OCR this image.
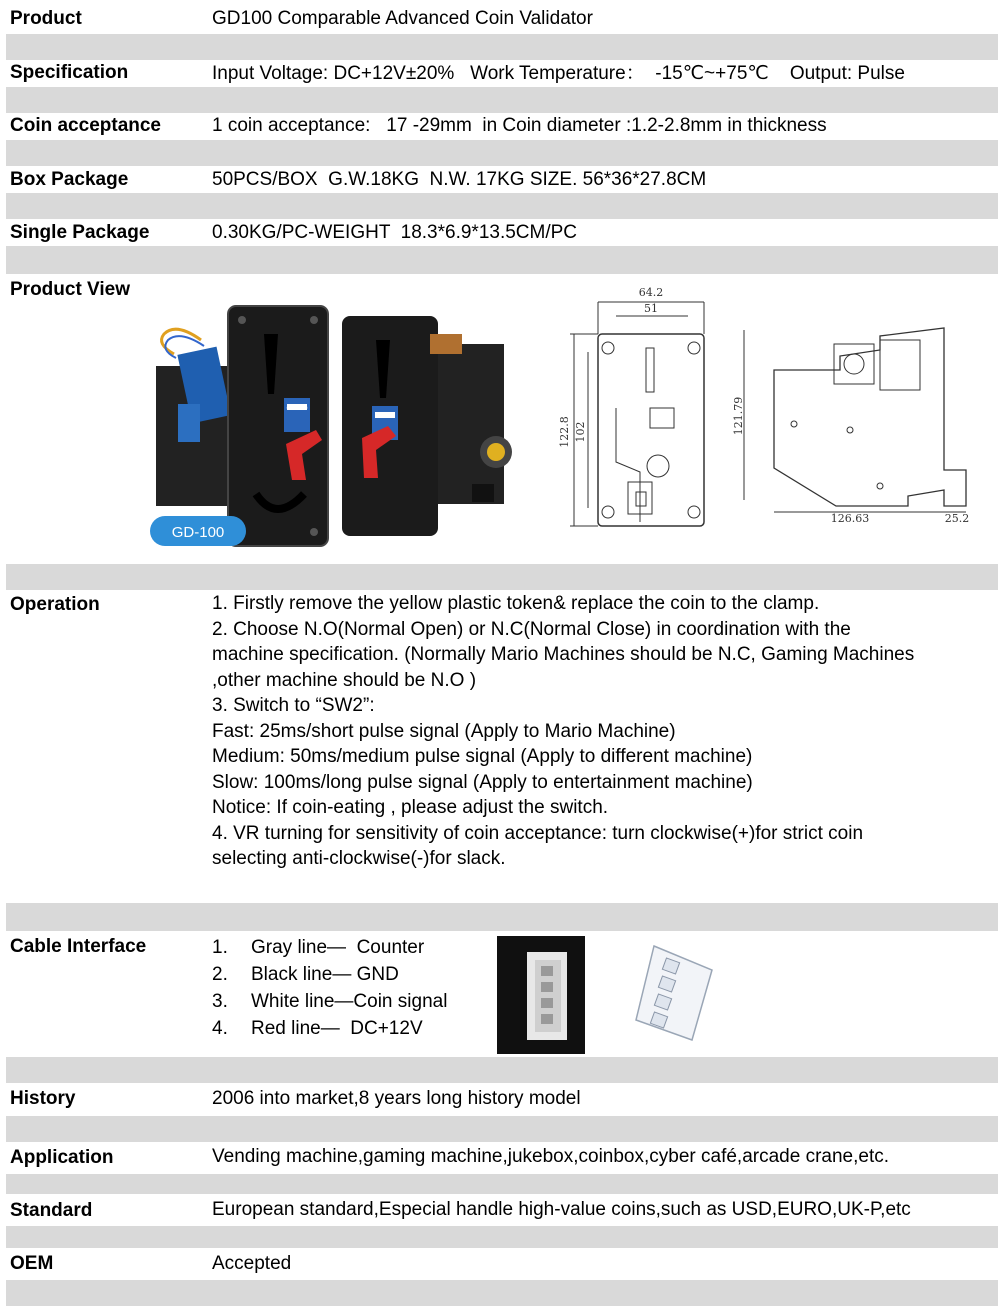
Product	GD100 Comparable Advanced Coin Validator
Specification	Input Voltage: DC+12V±20%   Work Temperature：  -15℃~+75℃    Output: Pulse
Coin acceptance	1 coin acceptance:   17 -29mm  in Coin diameter :1.2-2.8mm in thickness
Box Package	50PCS/BOX  G.W.18KG  N.W. 17KG SIZE. 56*36*27.8CM
Single Package	0.30KG/PC-WEIGHT  18.3*6.9*13.5CM/PC
Product View
GD-100
GD-100
64.2
51
122.8 102	121.79
126.63	25.2
Operation	1. Firstly remove the yellow plastic token& replace the coin to the clamp.
2. Choose N.O(Normal Open) or N.C(Normal Close) in coordination with the
machine specification. (Normally Mario Machines should be N.C, Gaming Machines
,other machine should be N.O )
3. Switch to “SW2”:
Fast: 25ms/short pulse signal (Apply to Mario Machine)
Medium: 50ms/medium pulse signal (Apply to different machine)
Slow: 100ms/long pulse signal (Apply to entertainment machine)
Notice: If coin-eating , please adjust the switch.
4. VR turning for sensitivity of coin acceptance: turn clockwise(+)for strict coin
selecting anti-clockwise(-)for slack.
Cable Interface	1.	Gray line—  Counter
2.	Black line— GND
3.	White line—Coin signal
4.	Red line—  DC+12V
History	2006 into market,8 years long history model
Application	Vending machine,gaming machine,jukebox,coinbox,cyber café,arcade crane,etc.
Standard	European standard,Especial handle high-value coins,such as USD,EURO,UK-P,etc
OEM	Accepted
